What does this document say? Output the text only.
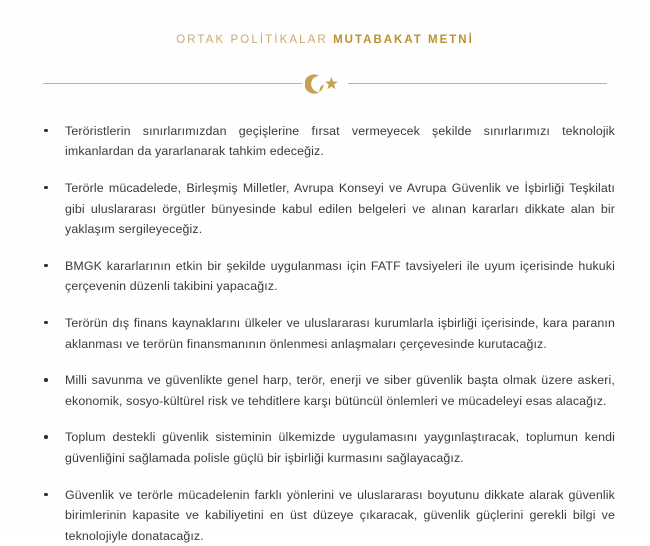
ORTAK POLİTİKALAR MUTABAKAT METNİ
Teröristlerin sınırlarımızdan geçişlerine fırsat vermeyecek şekilde sınırlarımızı teknolojik imkanlardan da yararlanarak tahkim edeceğiz.
Terörle mücadelede, Birleşmiş Milletler, Avrupa Konseyi ve Avrupa Güvenlik ve İşbirliği Teşkilatı gibi uluslararası örgütler bünyesinde kabul edilen belgeleri ve alınan kararları dikkate alan bir yaklaşım sergileyeceğiz.
BMGK kararlarının etkin bir şekilde uygulanması için FATF tavsiyeleri ile uyum içerisinde hukuki çerçevenin düzenli takibini yapacağız.
Terörün dış finans kaynaklarını ülkeler ve uluslararası kurumlarla işbirliği içerisinde, kara paranın aklanması ve terörün finansmanının önlenmesi anlaşmaları çerçevesinde kurutacağız.
Milli savunma ve güvenlikte genel harp, terör, enerji ve siber güvenlik başta olmak üzere askeri, ekonomik, sosyo-kültürel risk ve tehditlere karşı bütüncül önlemleri ve mücadeleyi esas alacağız.
Toplum destekli güvenlik sisteminin ülkemizde uygulamasını yaygınlaştıracak, toplumun kendi güvenliğini sağlamada polisle güçlü bir işbirliği kurmasını sağlayacağız.
Güvenlik ve terörle mücadelenin farklı yönlerini ve uluslararası boyutunu dikkate alarak güvenlik birimlerinin kapasite ve kabiliyetini en üst düzeye çıkaracak, güvenlik güçlerini gerekli bilgi ve teknolojiyle donatacağız.
